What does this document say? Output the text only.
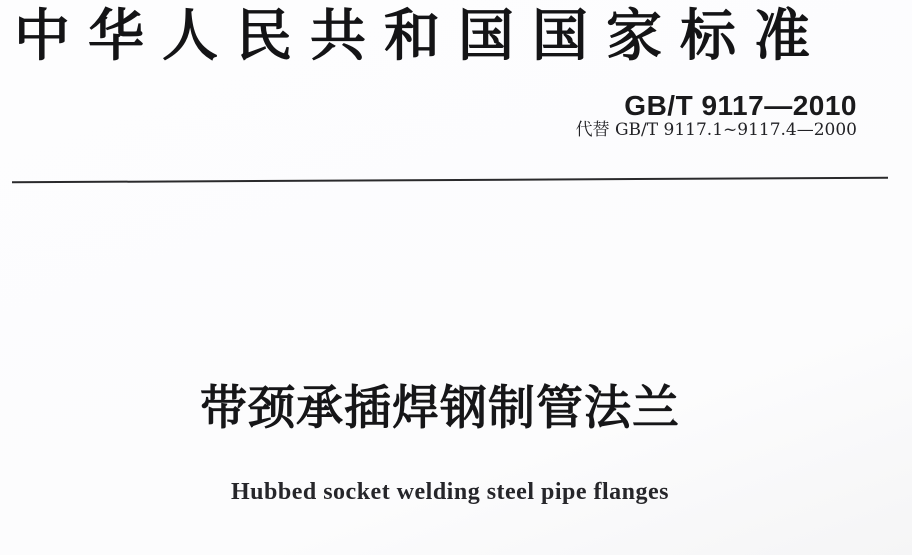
中华人民共和国国家标准
GB/T 9117—2010
代替 GB/T 9117.1~9117.4—2000
带颈承插焊钢制管法兰
Hubbed socket welding steel pipe flanges
